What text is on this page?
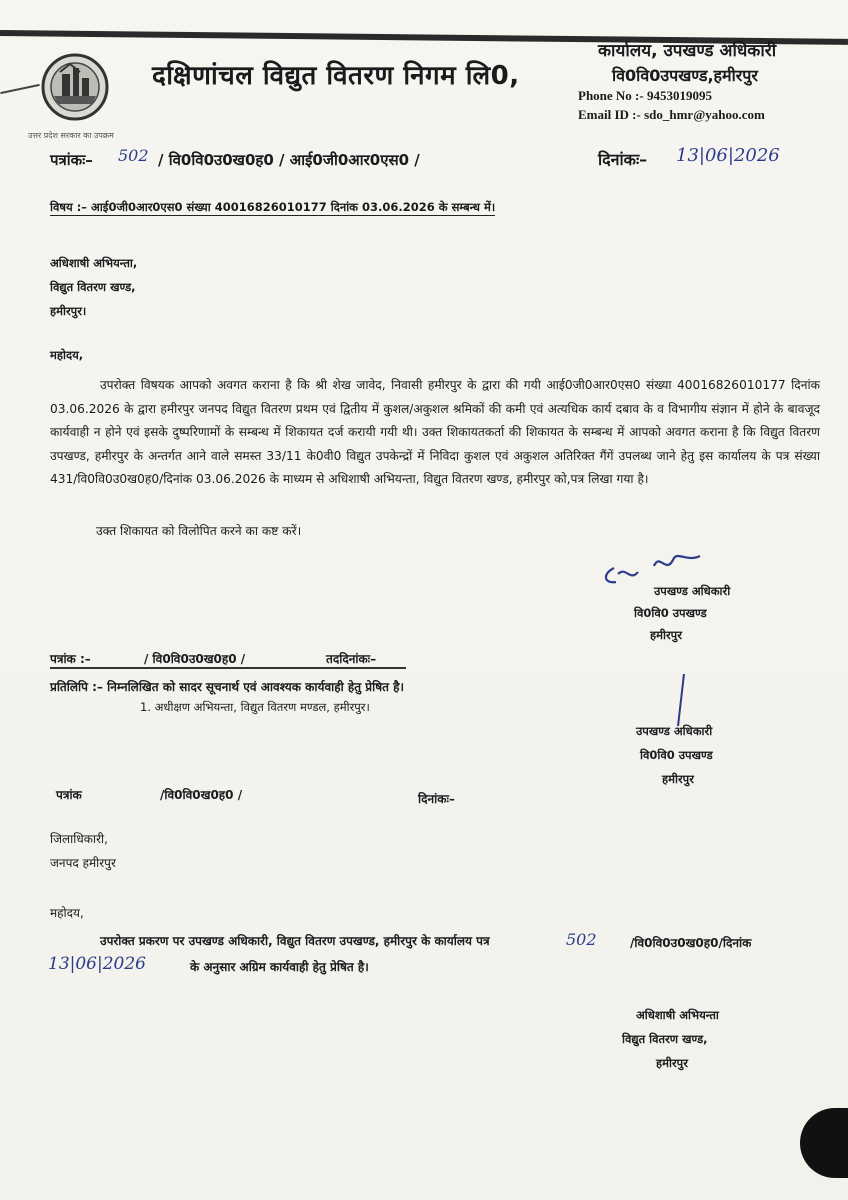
उत्तर प्रदेश सरकार का उपक्रम
दक्षिणांचल विद्युत वितरण निगम लि0,
कार्यालय, उपखण्ड अधिकारी
वि0वि0उपखण्ड,हमीरपुर
Phone No :- 9453019095
Email ID :- sdo_hmr@yahoo.com
पत्रांकः– 502 / वि0वि0उ0ख0ह0 / आई0जी0आर0एस0 /	दिनांकः– 13|06|2026
विषय :– आई0जी0आर0एस0 संख्या 40016826010177 दिनांक 03.06.2026 के सम्बन्ध में।
अधिशाषी अभियन्ता,
विद्युत वितरण खण्ड,
हमीरपुर।
महोदय,
उपरोक्त विषयक आपको अवगत कराना है कि श्री शेख जावेद, निवासी हमीरपुर के द्वारा की गयी आई0जी0आर0एस0 संख्या 40016826010177 दिनांक 03.06.2026 के द्वारा हमीरपुर जनपद विद्युत वितरण प्रथम एवं द्वितीय में कुशल/अकुशल श्रमिकों की कमी एवं अत्यधिक कार्य दबाव के व विभागीय संज्ञान में होने के बावजूद कार्यवाही न होने एवं इसके दुष्परिणामों के सम्बन्ध में शिकायत दर्ज करायी गयी थी। उक्त शिकायतकर्ता की शिकायत के सम्बन्ध में आपको अवगत कराना है कि विद्युत वितरण उपखण्ड, हमीरपुर के अन्तर्गत आने वाले समस्त 33/11 के0वी0 विद्युत उपकेन्द्रों में निविदा कुशल एवं अकुशल अतिरिक्त गैंगें उपलब्ध जाने हेतु इस कार्यालय के पत्र संख्या 431/वि0वि0उ0ख0ह0/दिनांक 03.06.2026 के माध्यम से अधिशाषी अभियन्ता, विद्युत वितरण खण्ड, हमीरपुर को,पत्र लिखा गया है।
उक्त शिकायत को विलोपित करने का कष्ट करें।
उपखण्ड अधिकारी
वि0वि0 उपखण्ड
हमीरपुर
पत्रांक :–	/ वि0वि0उ0ख0ह0 /	तददिनांकः–
प्रतिलिपि :– निम्नलिखित को सादर सूचनार्थ एवं आवश्यक कार्यवाही हेतु प्रेषित है।
1. अधीक्षण अभियन्ता, विद्युत वितरण मण्डल, हमीरपुर।
उपखण्ड अधिकारी
वि0वि0 उपखण्ड
हमीरपुर
पत्रांक	/वि0वि0ख0ह0 /	दिनांकः–
जिलाधिकारी,
जनपद हमीरपुर
महोदय,
उपरोक्त प्रकरण पर उपखण्ड अधिकारी, विद्युत वितरण उपखण्ड, हमीरपुर के कार्यालय पत्र	502	/वि0वि0उ0ख0ह0/दिनांक
13|06|2026	के अनुसार अग्रिम कार्यवाही हेतु प्रेषित है।
अधिशाषी अभियन्ता
विद्युत वितरण खण्ड,
हमीरपुर
